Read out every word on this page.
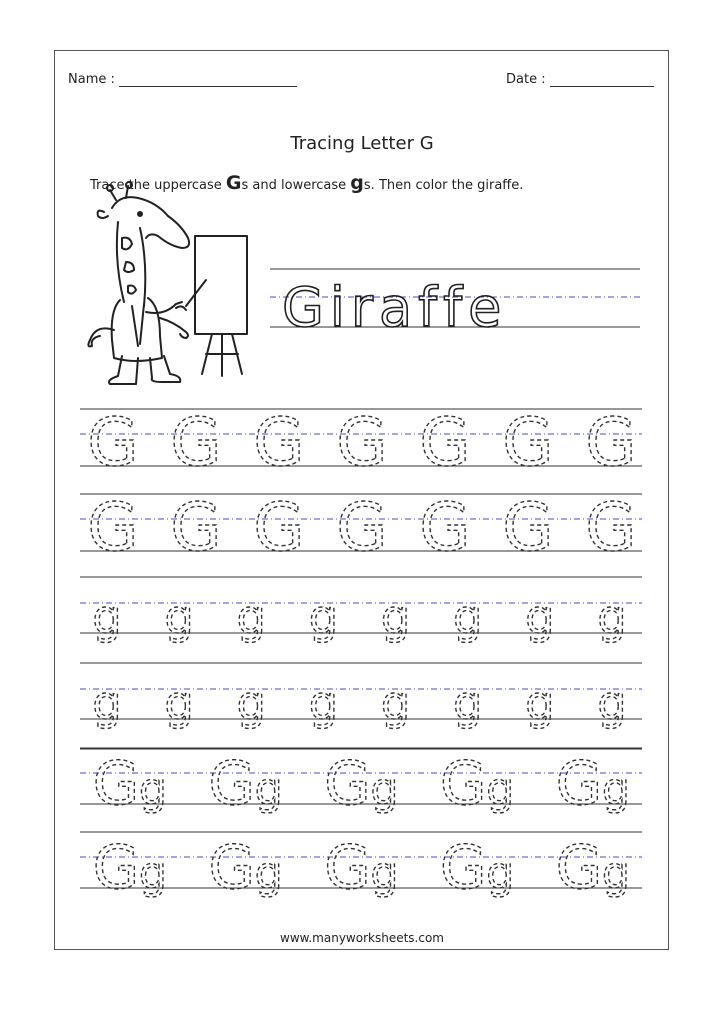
Name :	Date :
Tracing Letter G
Trace the uppercase Gs and lowercase gs. Then color the giraffe.
Giraffe
G G G G G G G
G G G G G G G
g g g g g g g g
g g g g g g g g
G g G g G g G g G g
G g G g G g G g G g
www.manyworksheets.com
